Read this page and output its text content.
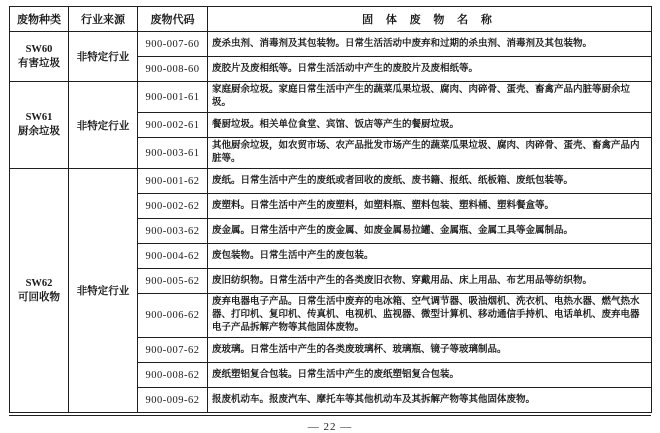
废物种类	行业来源	废物代码	固 体 废 物 名 称

SW60
有害垃圾	非特定行业	900-007-60	废杀虫剂、消毒剂及其包装物。日常生活活动中废弃和过期的杀虫剂、消毒剂及其包装物。
		900-008-60	废胶片及废相纸等。日常生活活动中产生的废胶片及废相纸等。

SW61
厨余垃圾	非特定行业	900-001-61	家庭厨余垃圾。家庭日常生活中产生的蔬菜瓜果垃圾、腐肉、肉碎骨、蛋壳、畜禽产品内脏等厨余垃圾。
		900-002-61	餐厨垃圾。相关单位食堂、宾馆、饭店等产生的餐厨垃圾。
		900-003-61	其他厨余垃圾，如农贸市场、农产品批发市场产生的蔬菜瓜果垃圾、腐肉、肉碎骨、蛋壳、畜禽产品内脏等。

SW62
可回收物	非特定行业	900-001-62	废纸。日常生活中产生的废纸或者回收的废纸、废书籍、报纸、纸板箱、废纸包装等。
		900-002-62	废塑料。日常生活中产生的废塑料，如塑料瓶、塑料包装、塑料桶、塑料餐盒等。
		900-003-62	废金属。日常生活中产生的废金属、如废金属易拉罐、金属瓶、金属工具等金属制品。
		900-004-62	废包装物。日常生活中产生的废包装。
		900-005-62	废旧纺织物。日常生活中产生的各类废旧衣物、穿戴用品、床上用品、布艺用品等纺织物。
		900-006-62	废弃电器电子产品。日常生活中废弃的电冰箱、空气调节器、吸油烟机、洗衣机、电热水器、燃气热水器、打印机、复印机、传真机、电视机、监视器、微型计算机、移动通信手持机、电话单机、废弃电器电子产品拆解产物等其他固体废物。
		900-007-62	废玻璃。日常生活中产生的各类废玻璃杯、玻璃瓶、镜子等玻璃制品。
		900-008-62	废纸塑铝复合包装。日常生活中产生的废纸塑铝复合包装。
		900-009-62	报废机动车。报废汽车、摩托车等其他机动车及其拆解产物等其他固体废物。
— 22 —
